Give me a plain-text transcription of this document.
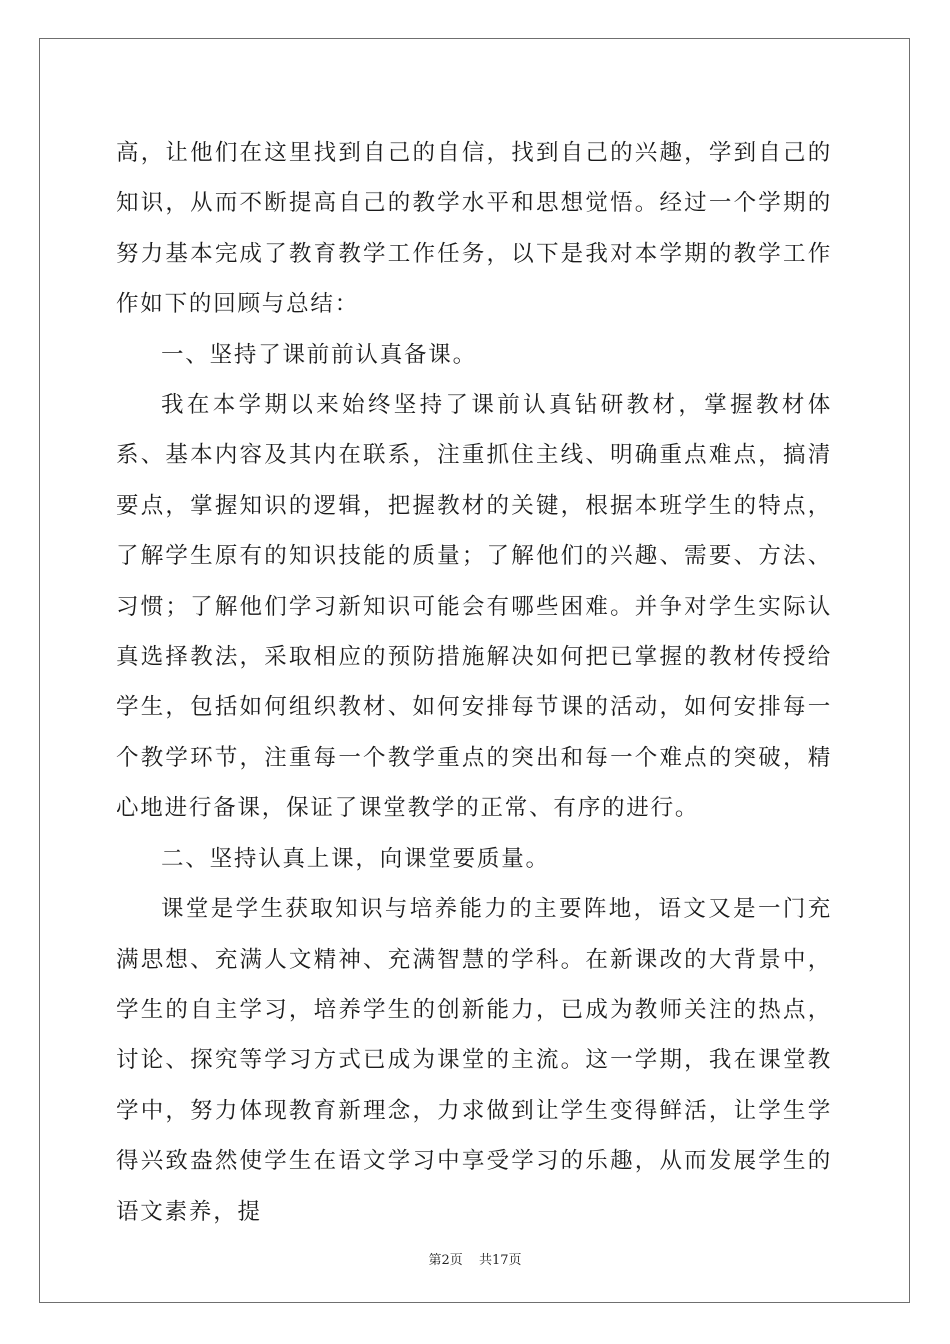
高，让他们在这里找到自己的自信，找到自己的兴趣，学到自己的知识，从而不断提高自己的教学水平和思想觉悟。经过一个学期的努力基本完成了教育教学工作任务，以下是我对本学期的教学工作作如下的回顾与总结：

一、坚持了课前前认真备课。

我在本学期以来始终坚持了课前认真钻研教材，掌握教材体系、基本内容及其内在联系，注重抓住主线、明确重点难点，搞清要点，掌握知识的逻辑，把握教材的关键，根据本班学生的特点，了解学生原有的知识技能的质量；了解他们的兴趣、需要、方法、习惯；了解他们学习新知识可能会有哪些困难。并争对学生实际认真选择教法，采取相应的预防措施解决如何把已掌握的教材传授给学生，包括如何组织教材、如何安排每节课的活动，如何安排每一个教学环节，注重每一个教学重点的突出和每一个难点的突破，精心地进行备课，保证了课堂教学的正常、有序的进行。

二、坚持认真上课，向课堂要质量。

课堂是学生获取知识与培养能力的主要阵地，语文又是一门充满思想、充满人文精神、充满智慧的学科。在新课改的大背景中，学生的自主学习，培养学生的创新能力，已成为教师关注的热点，讨论、探究等学习方式已成为课堂的主流。这一学期，我在课堂教学中，努力体现教育新理念，力求做到让学生变得鲜活，让学生学得兴致盎然使学生在语文学习中享受学习的乐趣，从而发展学生的语文素养，提

第2页 共17页
